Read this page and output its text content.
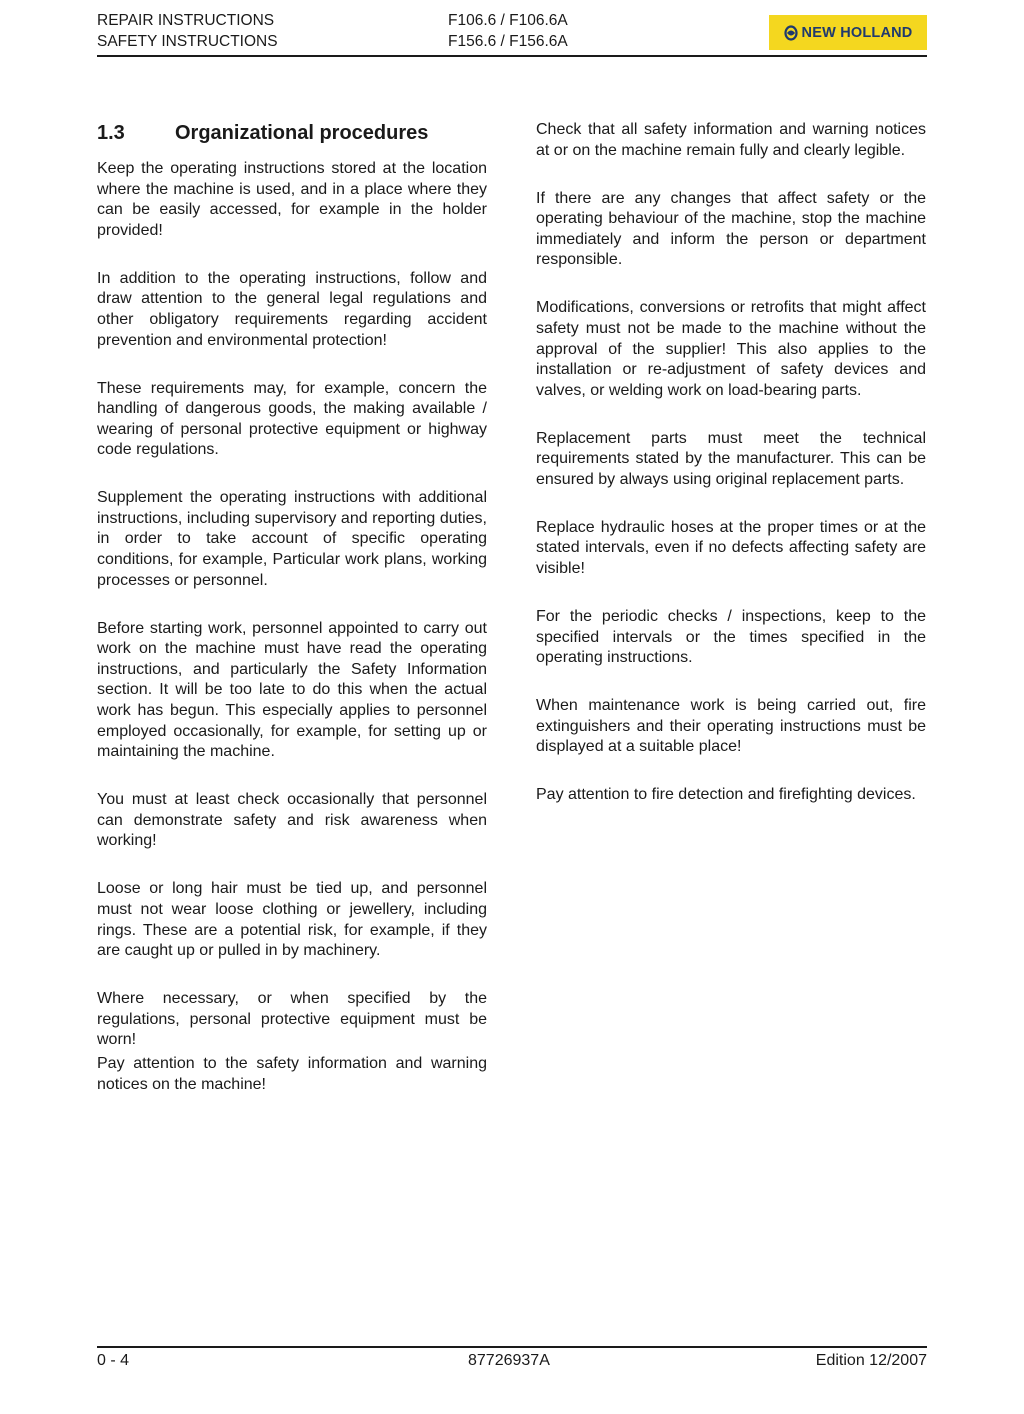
REPAIR INSTRUCTIONS
SAFETY INSTRUCTIONS
F106.6 / F106.6A
F156.6 / F156.6A
NEW HOLLAND
1.3	Organizational procedures

Keep the operating instructions stored at the location where the machine is used, and in a place where they can be easily accessed, for example in the holder provided!

In addition to the operating instructions, follow and draw attention to the general legal regulations and other obligatory requirements regarding accident prevention and environmental protection!

These requirements may, for example, concern the handling of dangerous goods, the making available / wearing of personal protective equipment or highway code regulations.

Supplement the operating instructions with additional instructions, including supervisory and reporting duties, in order to take account of specific operating conditions, for example, Particular work plans, working processes or personnel.

Before starting work, personnel appointed to carry out work on the machine must have read the operating instructions, and particularly the Safety Information section. It will be too late to do this when the actual work has begun. This especially applies to personnel employed occasionally, for example, for setting up or maintaining the machine.

You must at least check occasionally that personnel can demonstrate safety and risk awareness when working!

Loose or long hair must be tied up, and personnel must not wear loose clothing or jewellery, including rings. These are a potential risk, for example, if they are caught up or pulled in by machinery.

Where necessary, or when specified by the regulations, personal protective equipment must be worn!

Pay attention to the safety information and warning notices on the machine!

Check that all safety information and warning notices at or on the machine remain fully and clearly legible.

If there are any changes that affect safety or the operating behaviour of the machine, stop the machine immediately and inform the person or department responsible.

Modifications, conversions or retrofits that might affect safety must not be made to the machine without the approval of the supplier! This also applies to the installation or re-adjustment of safety devices and valves, or welding work on load-bearing parts.

Replacement parts must meet the technical requirements stated by the manufacturer. This can be ensured by always using original replacement parts.

Replace hydraulic hoses at the proper times or at the stated intervals, even if no defects affecting safety are visible!

For the periodic checks / inspections, keep to the specified intervals or the times specified in the operating instructions.

When maintenance work is being carried out, fire extinguishers and their operating instructions must be displayed at a suitable place!

Pay attention to fire detection and firefighting devices.

0 - 4	87726937A	Edition 12/2007
